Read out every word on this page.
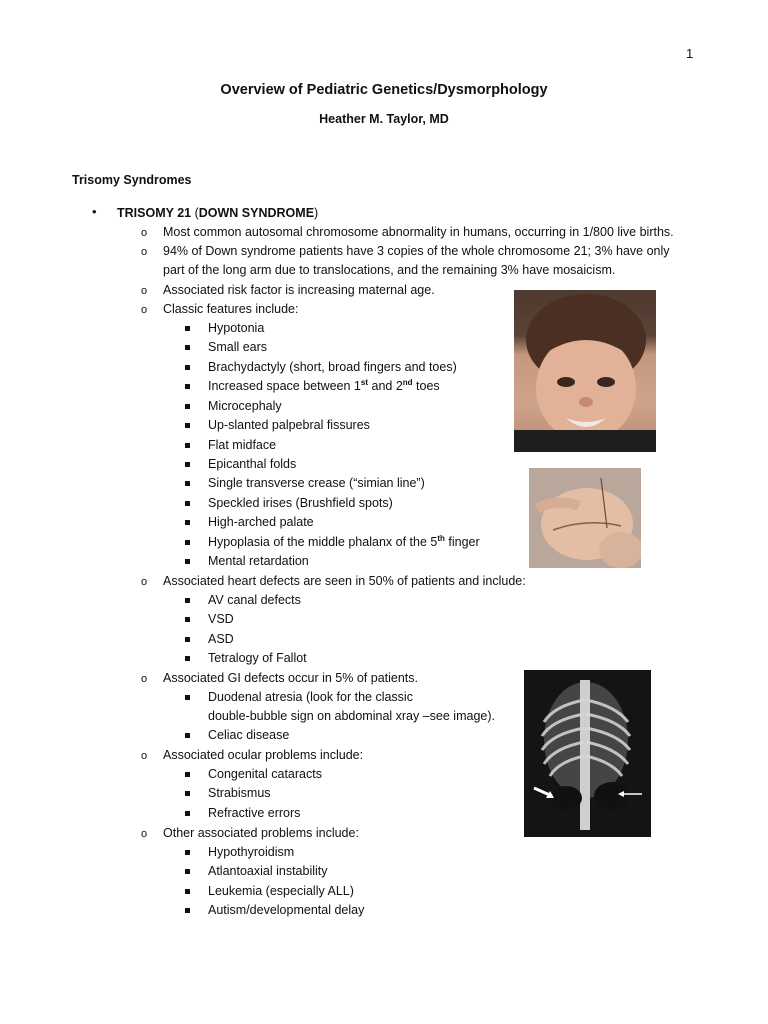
1
Overview of Pediatric Genetics/Dysmorphology
Heather M. Taylor, MD
Trisomy Syndromes
• TRISOMY 21 (DOWN SYNDROME)
o Most common autosomal chromosome abnormality in humans, occurring in 1/800 live births.
o 94% of Down syndrome patients have 3 copies of the whole chromosome 21; 3% have only
part of the long arm due to translocations, and the remaining 3% have mosaicism.
o Associated risk factor is increasing maternal age.
o Classic features include:
Hypotonia
Small ears
Brachydactyly (short, broad fingers and toes)
Increased space between 1st and 2nd toes
Microcephaly
Up-slanted palpebral fissures
Flat midface
Epicanthal folds
Single transverse crease (“simian line”)
Speckled irises (Brushfield spots)
High-arched palate
Hypoplasia of the middle phalanx of the 5th finger
Mental retardation
o Associated heart defects are seen in 50% of patients and include:
AV canal defects
VSD
ASD
Tetralogy of Fallot
o Associated GI defects occur in 5% of patients.
Duodenal atresia (look for the classic
double-bubble sign on abdominal xray –see image).
Celiac disease
o Associated ocular problems include:
Congenital cataracts
Strabismus
Refractive errors
o Other associated problems include:
Hypothyroidism
Atlantoaxial instability
Leukemia (especially ALL)
Autism/developmental delay
